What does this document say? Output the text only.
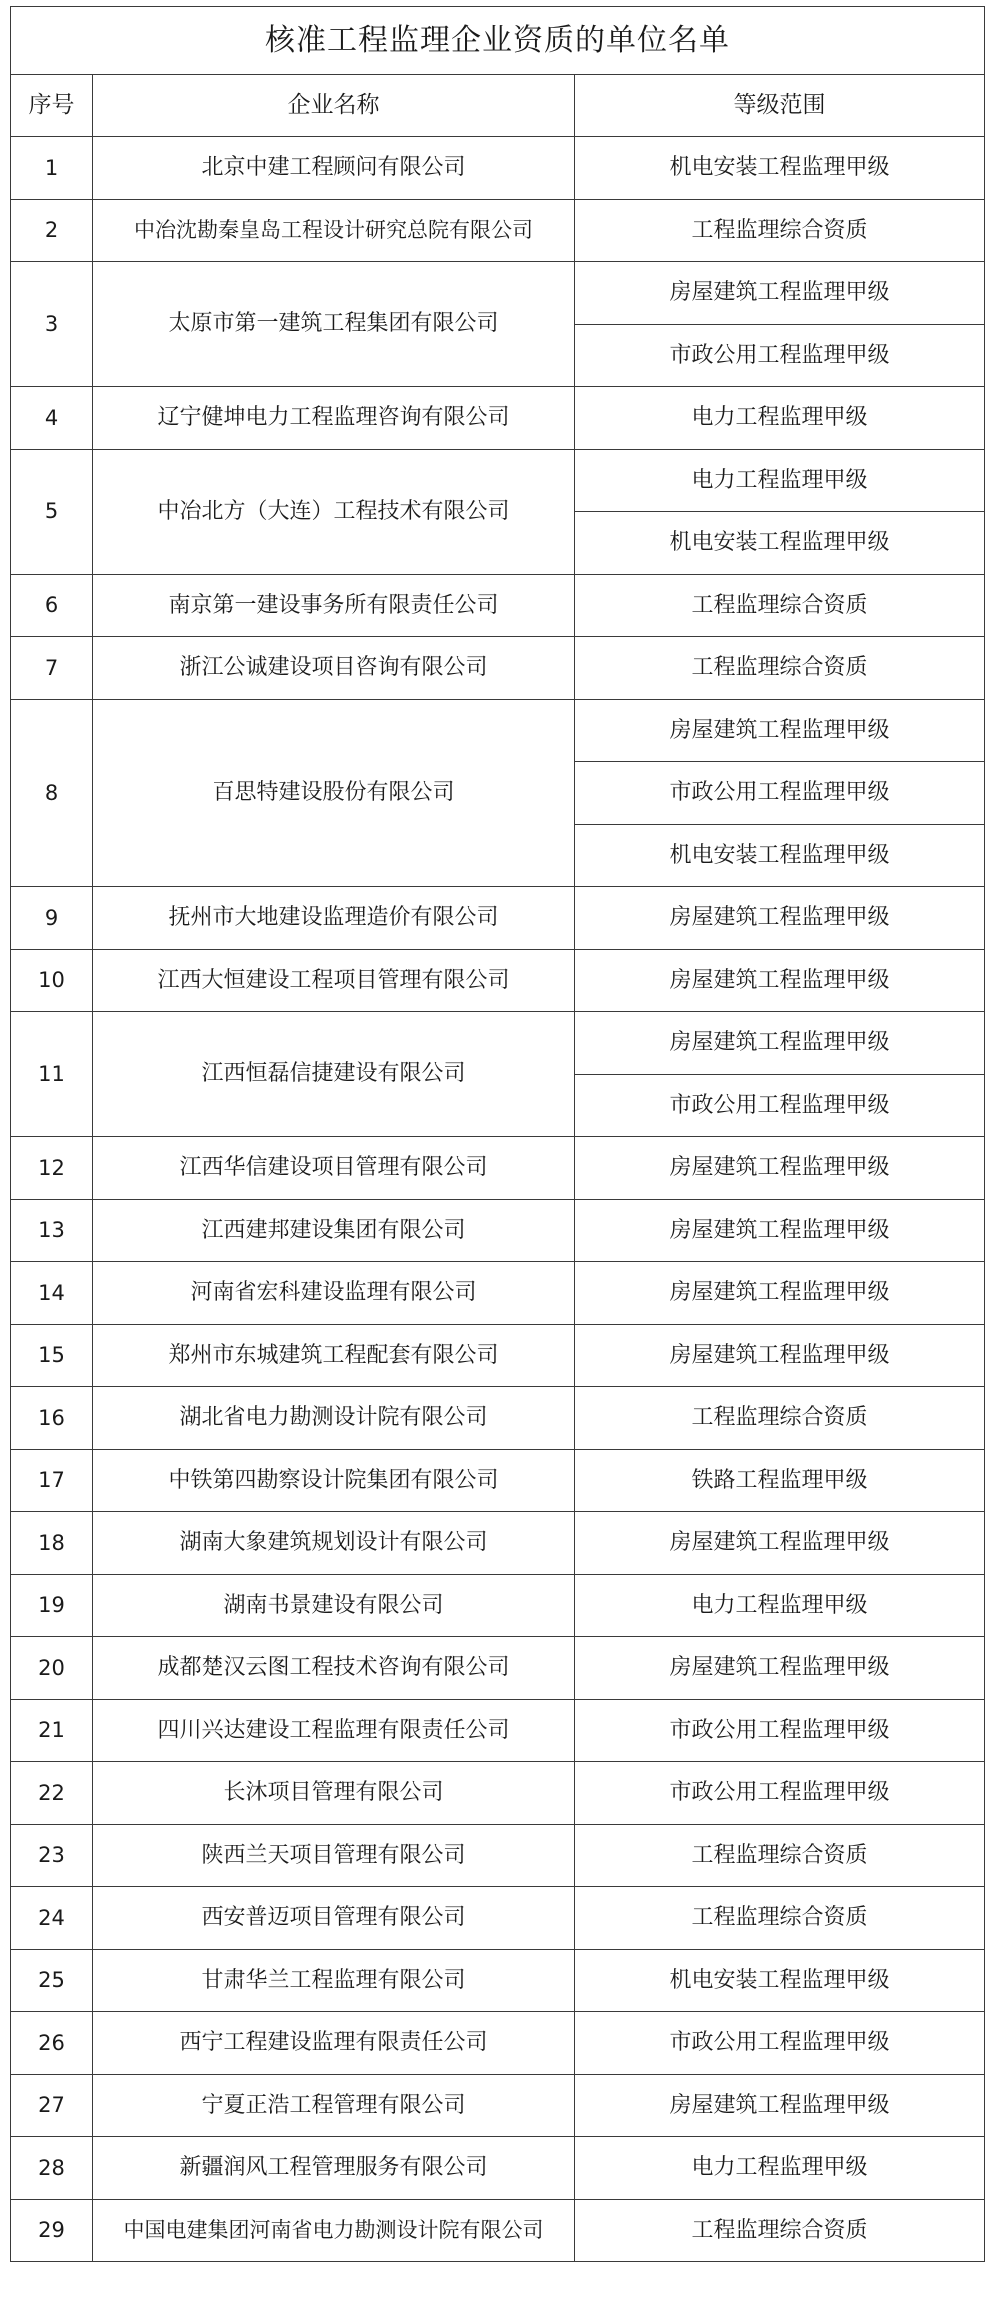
核准工程监理企业资质的单位名单		
序号	企业名称	等级范围
1	北京中建工程顾问有限公司	机电安装工程监理甲级
2	中冶沈勘秦皇岛工程设计研究总院有限公司	工程监理综合资质
3	太原市第一建筑工程集团有限公司	房屋建筑工程监理甲级
		市政公用工程监理甲级
4	辽宁健坤电力工程监理咨询有限公司	电力工程监理甲级
5	中冶北方（大连）工程技术有限公司	电力工程监理甲级
		机电安装工程监理甲级
6	南京第一建设事务所有限责任公司	工程监理综合资质
7	浙江公诚建设项目咨询有限公司	工程监理综合资质
8	百思特建设股份有限公司	房屋建筑工程监理甲级
		市政公用工程监理甲级
		机电安装工程监理甲级
9	抚州市大地建设监理造价有限公司	房屋建筑工程监理甲级
10	江西大恒建设工程项目管理有限公司	房屋建筑工程监理甲级
11	江西恒磊信捷建设有限公司	房屋建筑工程监理甲级
		市政公用工程监理甲级
12	江西华信建设项目管理有限公司	房屋建筑工程监理甲级
13	江西建邦建设集团有限公司	房屋建筑工程监理甲级
14	河南省宏科建设监理有限公司	房屋建筑工程监理甲级
15	郑州市东城建筑工程配套有限公司	房屋建筑工程监理甲级
16	湖北省电力勘测设计院有限公司	工程监理综合资质
17	中铁第四勘察设计院集团有限公司	铁路工程监理甲级
18	湖南大象建筑规划设计有限公司	房屋建筑工程监理甲级
19	湖南书景建设有限公司	电力工程监理甲级
20	成都楚汉云图工程技术咨询有限公司	房屋建筑工程监理甲级
21	四川兴达建设工程监理有限责任公司	市政公用工程监理甲级
22	长沐项目管理有限公司	市政公用工程监理甲级
23	陕西兰天项目管理有限公司	工程监理综合资质
24	西安普迈项目管理有限公司	工程监理综合资质
25	甘肃华兰工程监理有限公司	机电安装工程监理甲级
26	西宁工程建设监理有限责任公司	市政公用工程监理甲级
27	宁夏正浩工程管理有限公司	房屋建筑工程监理甲级
28	新疆润风工程管理服务有限公司	电力工程监理甲级
29	中国电建集团河南省电力勘测设计院有限公司	工程监理综合资质
